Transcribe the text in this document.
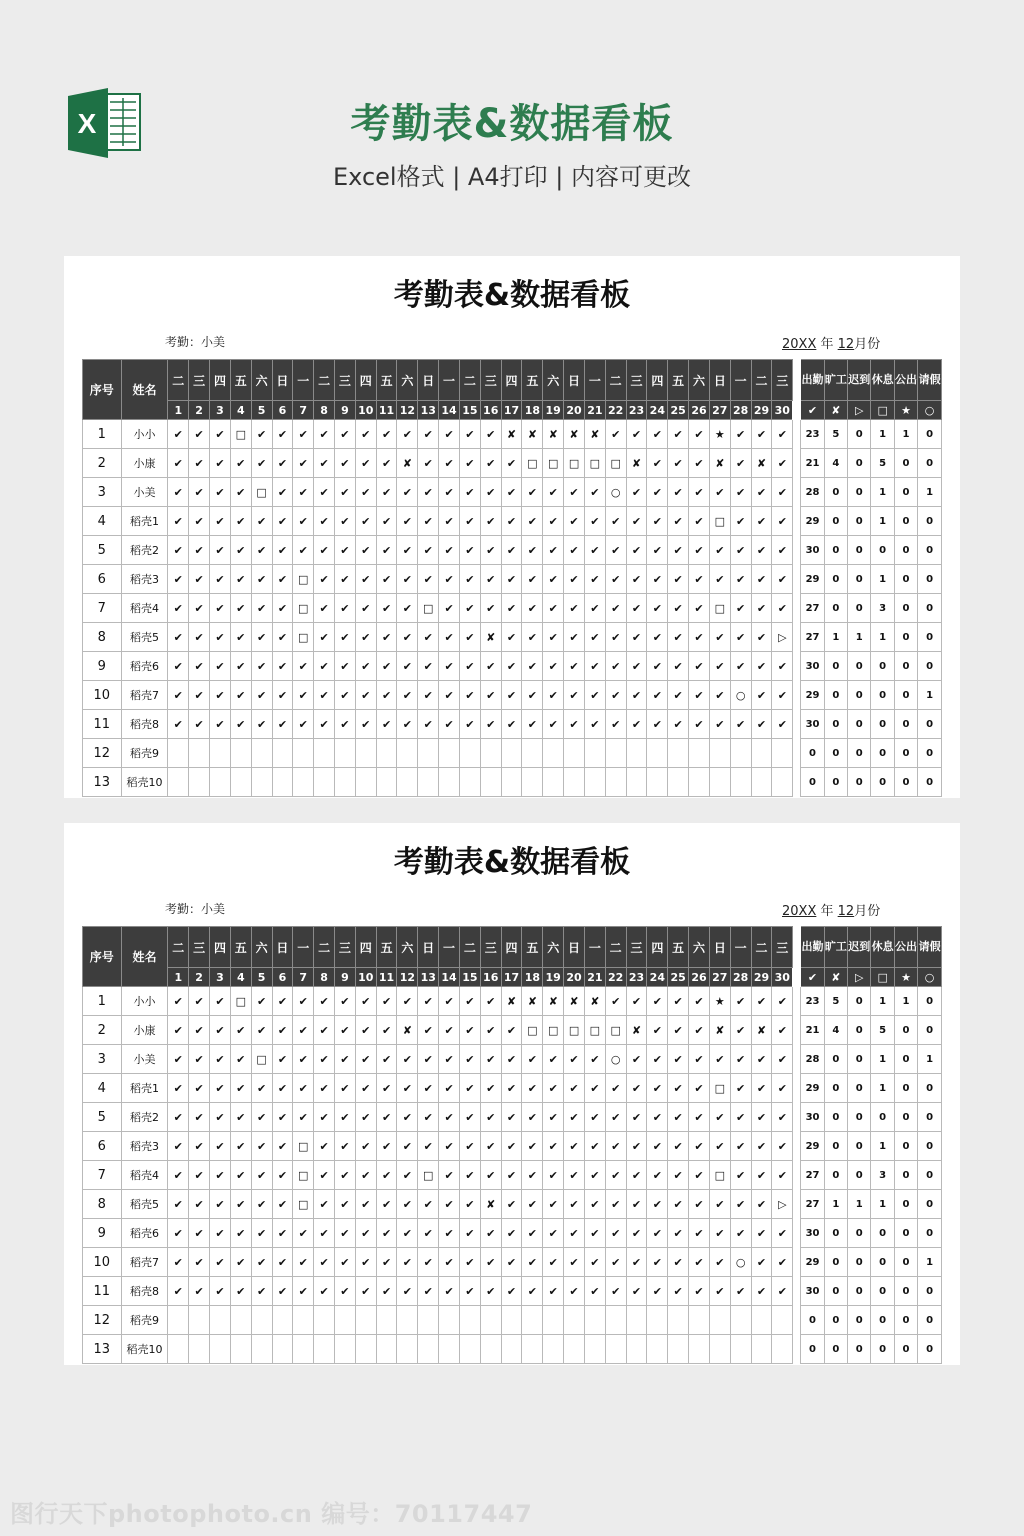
X	考勤表&数据看板
Excel格式 | A4打印 | 内容可更改
考勤表&数据看板
考勤：小美	20XX 年 12月份
序号	姓名	二	三	四	五	六	日	一	二	三	四	五	六	日	一	二	三	四	五	六	日	一	二	三	四	五	六	日	一	二	三		出勤	旷工	迟到	休息	公出	请假
		1	2	3	4	5	6	7	8	9	10	11	12	13	14	15	16	17	18	19	20	21	22	23	24	25	26	27	28	29	30		✔	✘	▷	□	★	○
1	小小	✔	✔	✔	□	✔	✔	✔	✔	✔	✔	✔	✔	✔	✔	✔	✔	✘	✘	✘	✘	✘	✔	✔	✔	✔	✔	★	✔	✔	✔		23	5	0	1	1	0
2	小康	✔	✔	✔	✔	✔	✔	✔	✔	✔	✔	✔	✘	✔	✔	✔	✔	✔	□	□	□	□	□	✘	✔	✔	✔	✘	✔	✘	✔		21	4	0	5	0	0
3	小美	✔	✔	✔	✔	□	✔	✔	✔	✔	✔	✔	✔	✔	✔	✔	✔	✔	✔	✔	✔	✔	○	✔	✔	✔	✔	✔	✔	✔	✔		28	0	0	1	0	1
4	稻壳1	✔	✔	✔	✔	✔	✔	✔	✔	✔	✔	✔	✔	✔	✔	✔	✔	✔	✔	✔	✔	✔	✔	✔	✔	✔	✔	□	✔	✔	✔		29	0	0	1	0	0
5	稻壳2	✔	✔	✔	✔	✔	✔	✔	✔	✔	✔	✔	✔	✔	✔	✔	✔	✔	✔	✔	✔	✔	✔	✔	✔	✔	✔	✔	✔	✔	✔		30	0	0	0	0	0
6	稻壳3	✔	✔	✔	✔	✔	✔	□	✔	✔	✔	✔	✔	✔	✔	✔	✔	✔	✔	✔	✔	✔	✔	✔	✔	✔	✔	✔	✔	✔	✔		29	0	0	1	0	0
7	稻壳4	✔	✔	✔	✔	✔	✔	□	✔	✔	✔	✔	✔	□	✔	✔	✔	✔	✔	✔	✔	✔	✔	✔	✔	✔	✔	□	✔	✔	✔		27	0	0	3	0	0
8	稻壳5	✔	✔	✔	✔	✔	✔	□	✔	✔	✔	✔	✔	✔	✔	✔	✘	✔	✔	✔	✔	✔	✔	✔	✔	✔	✔	✔	✔	✔	▷		27	1	1	1	0	0
9	稻壳6	✔	✔	✔	✔	✔	✔	✔	✔	✔	✔	✔	✔	✔	✔	✔	✔	✔	✔	✔	✔	✔	✔	✔	✔	✔	✔	✔	✔	✔	✔		30	0	0	0	0	0
10	稻壳7	✔	✔	✔	✔	✔	✔	✔	✔	✔	✔	✔	✔	✔	✔	✔	✔	✔	✔	✔	✔	✔	✔	✔	✔	✔	✔	✔	○	✔	✔		29	0	0	0	0	1
11	稻壳8	✔	✔	✔	✔	✔	✔	✔	✔	✔	✔	✔	✔	✔	✔	✔	✔	✔	✔	✔	✔	✔	✔	✔	✔	✔	✔	✔	✔	✔	✔		30	0	0	0	0	0
12	稻壳9																																0	0	0	0	0	0
13	稻壳10																																0	0	0	0	0	0
考勤表&数据看板
考勤：小美	20XX 年 12月份
序号	姓名	二	三	四	五	六	日	一	二	三	四	五	六	日	一	二	三	四	五	六	日	一	二	三	四	五	六	日	一	二	三		出勤	旷工	迟到	休息	公出	请假
		1	2	3	4	5	6	7	8	9	10	11	12	13	14	15	16	17	18	19	20	21	22	23	24	25	26	27	28	29	30		✔	✘	▷	□	★	○
1	小小	✔	✔	✔	□	✔	✔	✔	✔	✔	✔	✔	✔	✔	✔	✔	✔	✘	✘	✘	✘	✘	✔	✔	✔	✔	✔	★	✔	✔	✔		23	5	0	1	1	0
2	小康	✔	✔	✔	✔	✔	✔	✔	✔	✔	✔	✔	✘	✔	✔	✔	✔	✔	□	□	□	□	□	✘	✔	✔	✔	✘	✔	✘	✔		21	4	0	5	0	0
3	小美	✔	✔	✔	✔	□	✔	✔	✔	✔	✔	✔	✔	✔	✔	✔	✔	✔	✔	✔	✔	✔	○	✔	✔	✔	✔	✔	✔	✔	✔		28	0	0	1	0	1
4	稻壳1	✔	✔	✔	✔	✔	✔	✔	✔	✔	✔	✔	✔	✔	✔	✔	✔	✔	✔	✔	✔	✔	✔	✔	✔	✔	✔	□	✔	✔	✔		29	0	0	1	0	0
5	稻壳2	✔	✔	✔	✔	✔	✔	✔	✔	✔	✔	✔	✔	✔	✔	✔	✔	✔	✔	✔	✔	✔	✔	✔	✔	✔	✔	✔	✔	✔	✔		30	0	0	0	0	0
6	稻壳3	✔	✔	✔	✔	✔	✔	□	✔	✔	✔	✔	✔	✔	✔	✔	✔	✔	✔	✔	✔	✔	✔	✔	✔	✔	✔	✔	✔	✔	✔		29	0	0	1	0	0
7	稻壳4	✔	✔	✔	✔	✔	✔	□	✔	✔	✔	✔	✔	□	✔	✔	✔	✔	✔	✔	✔	✔	✔	✔	✔	✔	✔	□	✔	✔	✔		27	0	0	3	0	0
8	稻壳5	✔	✔	✔	✔	✔	✔	□	✔	✔	✔	✔	✔	✔	✔	✔	✘	✔	✔	✔	✔	✔	✔	✔	✔	✔	✔	✔	✔	✔	▷		27	1	1	1	0	0
9	稻壳6	✔	✔	✔	✔	✔	✔	✔	✔	✔	✔	✔	✔	✔	✔	✔	✔	✔	✔	✔	✔	✔	✔	✔	✔	✔	✔	✔	✔	✔	✔		30	0	0	0	0	0
10	稻壳7	✔	✔	✔	✔	✔	✔	✔	✔	✔	✔	✔	✔	✔	✔	✔	✔	✔	✔	✔	✔	✔	✔	✔	✔	✔	✔	✔	○	✔	✔		29	0	0	0	0	1
11	稻壳8	✔	✔	✔	✔	✔	✔	✔	✔	✔	✔	✔	✔	✔	✔	✔	✔	✔	✔	✔	✔	✔	✔	✔	✔	✔	✔	✔	✔	✔	✔		30	0	0	0	0	0
12	稻壳9																																0	0	0	0	0	0
13	稻壳10																																0	0	0	0	0	0
图行天下photophoto.cn 编号：70117447
